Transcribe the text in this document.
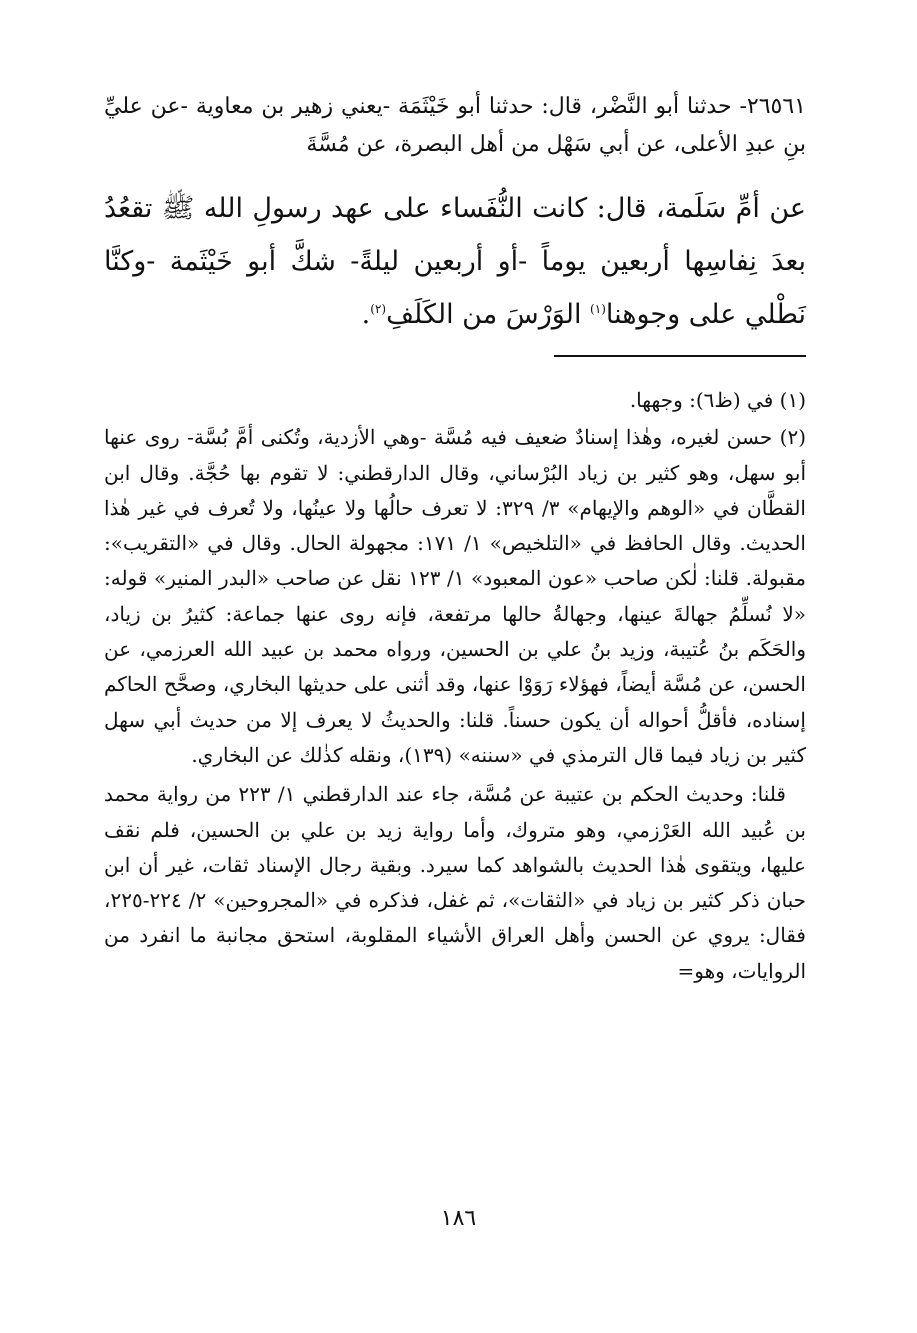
٢٦٥٦١- حدثنا أبو النَّضْر، قال: حدثنا أبو خَيْثَمَة -يعني زهير بن معاوية -عن عليِّ بنِ عبدِ الأعلى، عن أبي سَهْل من أهل البصرة، عن مُسَّةَ

عن أمِّ سَلَمة، قال: كانت النُّفَساء على عهد رسولِ الله ﷺ تقعُدُ بعدَ نِفاسِها أربعين يوماً -أو أربعين ليلةً- شكَّ أبو خَيْثَمة -وكنَّا نَطْلي على وجوهنا$^{(١)}$ الوَرْسَ من الكَلَفِ$^{(٢)}$.

(١) في (ظ٦): وجهها.

(٢) حسن لغيره، وهٰذا إسنادٌ ضعيف فيه مُسَّة -وهي الأزدية، وتُكنى أمَّ بُسَّة- روى عنها أبو سهل، وهو كثير بن زياد البُرْساني، وقال الدارقطني: لا تقوم بها حُجَّة. وقال ابن القطَّان في «الوهم والإيهام» ٣/ ٣٢٩: لا تعرف حالُها ولا عينُها، ولا تُعرف في غير هٰذا الحديث. وقال الحافظ في «التلخيص» ١/ ١٧١: مجهولة الحال. وقال في «التقريب»: مقبولة. قلنا: لٰكن صاحب «عون المعبود» ١/ ١٢٣ نقل عن صاحب «البدر المنير» قوله: «لا نُسلِّمُ جهالةَ عينها، وجهالةُ حالها مرتفعة، فإنه روى عنها جماعة: كثيرُ بن زياد، والحَكَم بنُ عُتيبة، وزيد بنُ علي بن الحسين، ورواه محمد بن عبيد الله العرزمي، عن الحسن، عن مُسَّة أيضاً، فهؤلاء رَوَوْا عنها، وقد أثنى على حديثها البخاري، وصحَّح الحاكم إسناده، فأقلُّ أحواله أن يكون حسناً. قلنا: والحديثُ لا يعرف إلا من حديث أبي سهل كثير بن زياد فيما قال الترمذي في «سننه» (١٣٩)، ونقله كذٰلك عن البخاري.

قلنا: وحديث الحكم بن عتيبة عن مُسَّة، جاء عند الدارقطني ١/ ٢٢٣ من رواية محمد بن عُبيد الله العَرْزمي، وهو متروك، وأما رواية زيد بن علي بن الحسين، فلم نقف عليها، ويتقوى هٰذا الحديث بالشواهد كما سيرد. وبقية رجال الإسناد ثقات، غير أن ابن حبان ذكر كثير بن زياد في «الثقات»، ثم غفل، فذكره في «المجروحين» ٢/ ٢٢٤-٢٢٥، فقال: يروي عن الحسن وأهل العراق الأشياء المقلوبة، استحق مجانبة ما انفرد من الروايات، وهو=

١٨٦
